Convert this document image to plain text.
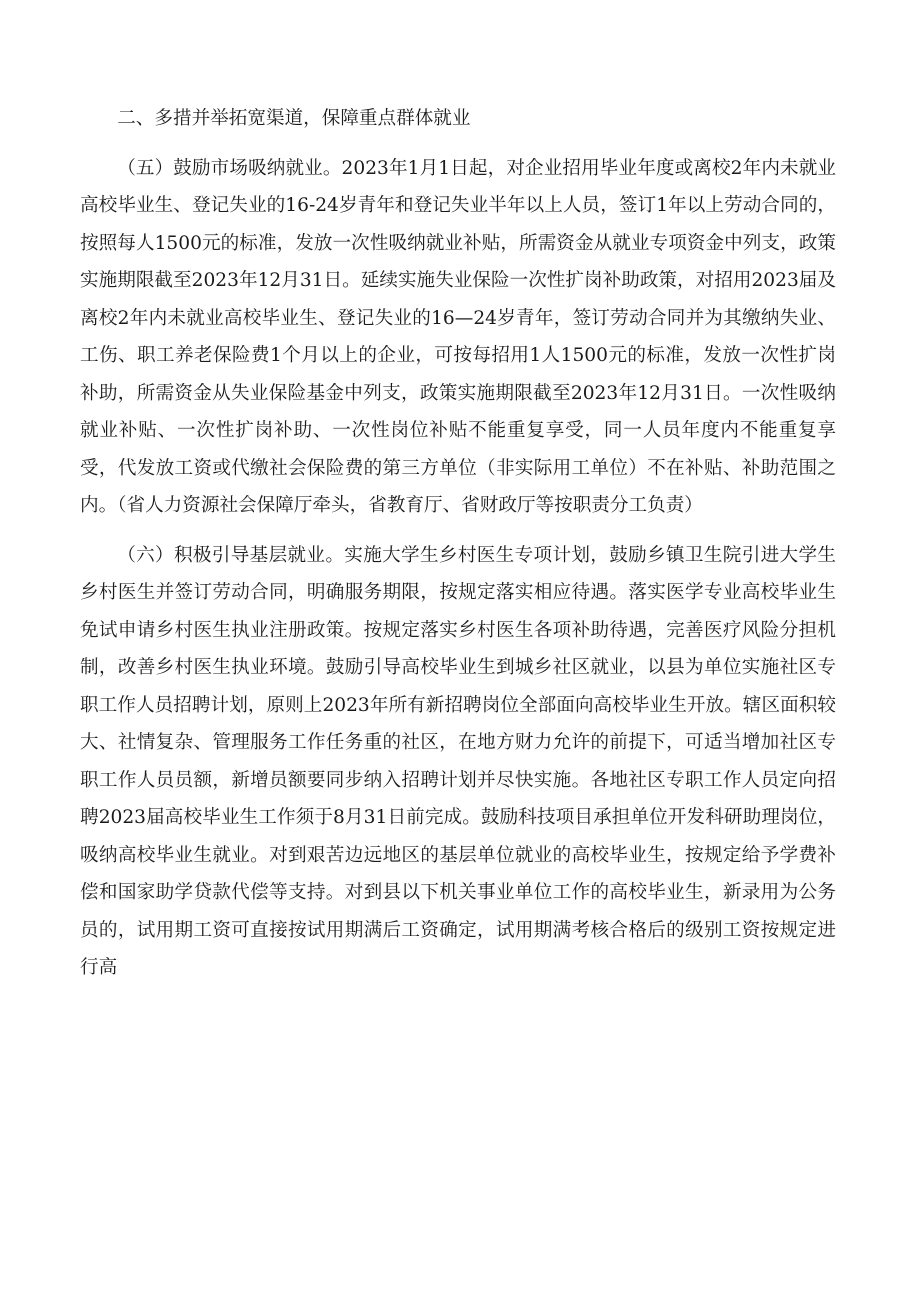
二、多措并举拓宽渠道，保障重点群体就业

（五）鼓励市场吸纳就业。2023年1月1日起，对企业招用毕业年度或离校2年内未就业高校毕业生、登记失业的16-24岁青年和登记失业半年以上人员，签订1年以上劳动合同的，按照每人1500元的标准，发放一次性吸纳就业补贴，所需资金从就业专项资金中列支，政策实施期限截至2023年12月31日。延续实施失业保险一次性扩岗补助政策，对招用2023届及离校2年内未就业高校毕业生、登记失业的16—24岁青年，签订劳动合同并为其缴纳失业、工伤、职工养老保险费1个月以上的企业，可按每招用1人1500元的标准，发放一次性扩岗补助，所需资金从失业保险基金中列支，政策实施期限截至2023年12月31日。一次性吸纳就业补贴、一次性扩岗补助、一次性岗位补贴不能重复享受，同一人员年度内不能重复享受，代发放工资或代缴社会保险费的第三方单位（非实际用工单位）不在补贴、补助范围之内。（省人力资源社会保障厅牵头，省教育厅、省财政厅等按职责分工负责）

（六）积极引导基层就业。实施大学生乡村医生专项计划，鼓励乡镇卫生院引进大学生乡村医生并签订劳动合同，明确服务期限，按规定落实相应待遇。落实医学专业高校毕业生免试申请乡村医生执业注册政策。按规定落实乡村医生各项补助待遇，完善医疗风险分担机制，改善乡村医生执业环境。鼓励引导高校毕业生到城乡社区就业，以县为单位实施社区专职工作人员招聘计划，原则上2023年所有新招聘岗位全部面向高校毕业生开放。辖区面积较大、社情复杂、管理服务工作任务重的社区，在地方财力允许的前提下，可适当增加社区专职工作人员员额，新增员额要同步纳入招聘计划并尽快实施。各地社区专职工作人员定向招聘2023届高校毕业生工作须于8月31日前完成。鼓励科技项目承担单位开发科研助理岗位，吸纳高校毕业生就业。对到艰苦边远地区的基层单位就业的高校毕业生，按规定给予学费补偿和国家助学贷款代偿等支持。对到县以下机关事业单位工作的高校毕业生，新录用为公务员的，试用期工资可直接按试用期满后工资确定，试用期满考核合格后的级别工资按规定进行高
